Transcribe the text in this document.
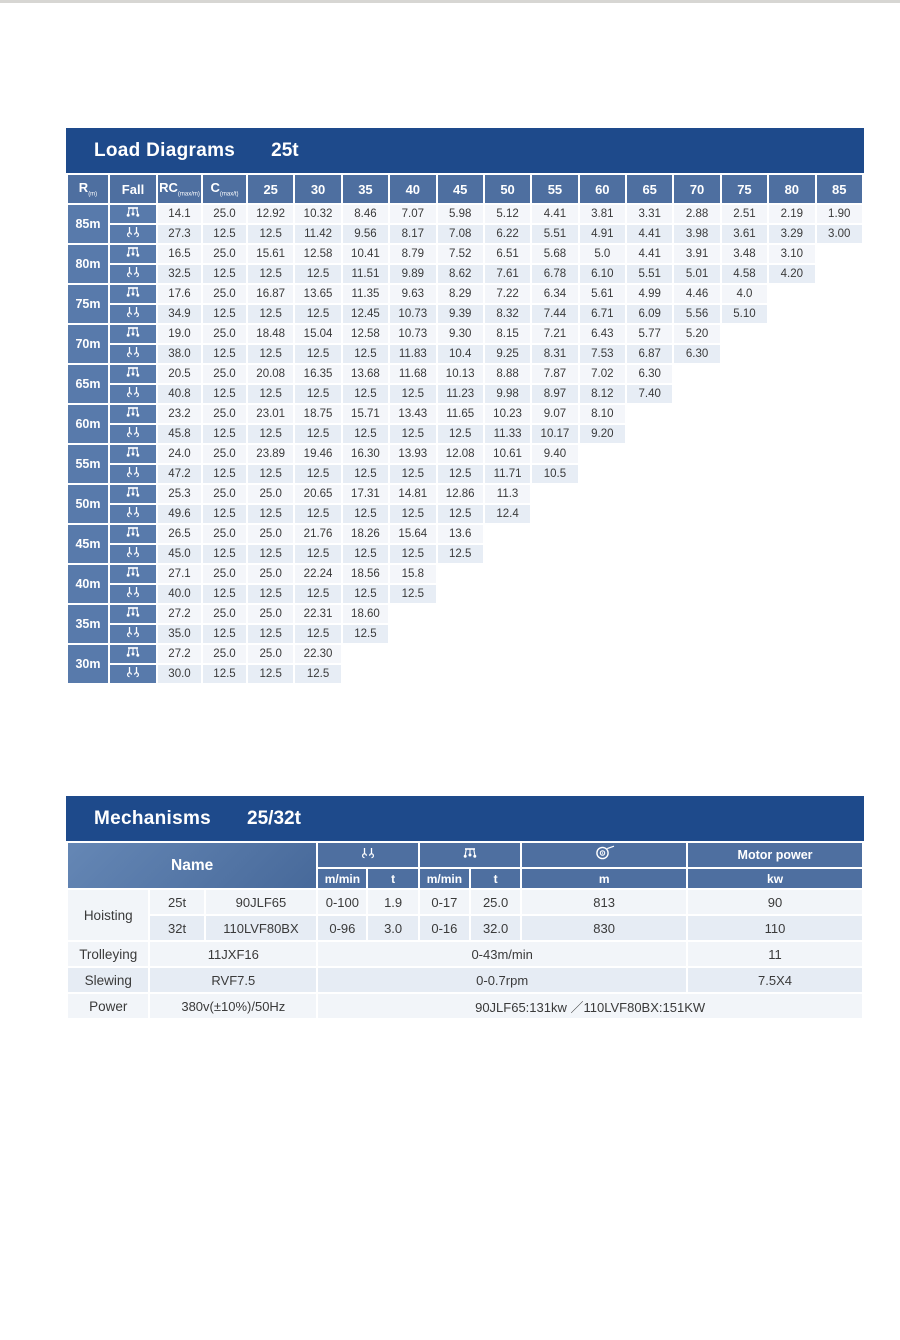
Load Diagrams 25t
$R_{(m)}$	Fall	$RC_{(max/m)}$	$C_{(max/t)}$	25	30	35	40	45	50	55	60	65	70	75	80	85
85m		14.1	25.0	12.92	10.32	8.46	7.07	5.98	5.12	4.41	3.81	3.31	2.88	2.51	2.19	1.90
	27.3	12.5	12.5	11.42	9.56	8.17	7.08	6.22	5.51	4.91	4.41	3.98	3.61	3.29	3.00
80m		16.5	25.0	15.61	12.58	10.41	8.79	7.52	6.51	5.68	5.0	4.41	3.91	3.48	3.10	
	32.5	12.5	12.5	12.5	11.51	9.89	8.62	7.61	6.78	6.10	5.51	5.01	4.58	4.20	
75m		17.6	25.0	16.87	13.65	11.35	9.63	8.29	7.22	6.34	5.61	4.99	4.46	4.0		
	34.9	12.5	12.5	12.5	12.45	10.73	9.39	8.32	7.44	6.71	6.09	5.56	5.10		
70m		19.0	25.0	18.48	15.04	12.58	10.73	9.30	8.15	7.21	6.43	5.77	5.20			
	38.0	12.5	12.5	12.5	12.5	11.83	10.4	9.25	8.31	7.53	6.87	6.30			
65m		20.5	25.0	20.08	16.35	13.68	11.68	10.13	8.88	7.87	7.02	6.30				
	40.8	12.5	12.5	12.5	12.5	12.5	11.23	9.98	8.97	8.12	7.40				
60m		23.2	25.0	23.01	18.75	15.71	13.43	11.65	10.23	9.07	8.10					
	45.8	12.5	12.5	12.5	12.5	12.5	12.5	11.33	10.17	9.20					
55m		24.0	25.0	23.89	19.46	16.30	13.93	12.08	10.61	9.40						
	47.2	12.5	12.5	12.5	12.5	12.5	12.5	11.71	10.5						
50m		25.3	25.0	25.0	20.65	17.31	14.81	12.86	11.3							
	49.6	12.5	12.5	12.5	12.5	12.5	12.5	12.4							
45m		26.5	25.0	25.0	21.76	18.26	15.64	13.6								
	45.0	12.5	12.5	12.5	12.5	12.5	12.5								
40m		27.1	25.0	25.0	22.24	18.56	15.8									
	40.0	12.5	12.5	12.5	12.5	12.5									
35m		27.2	25.0	25.0	22.31	18.60										
	35.0	12.5	12.5	12.5	12.5										
30m		27.2	25.0	25.0	22.30											
	30.0	12.5	12.5	12.5											
Mechanisms 25/32t
Name								Motor power
			m/min	t	m/min	t	m	kw
Hoisting	25t	90JLF65	0-100	1.9	0-17	25.0	813	90
	32t	110LVF80BX	0-96	3.0	0-16	32.0	830	110
Trolleying	11JXF16		0-43m/min					11
Slewing	RVF7.5		0-0.7rpm					7.5X4
Power	380v(±10%)/50Hz		90JLF65:131kw ／110LVF80BX:151KW					
